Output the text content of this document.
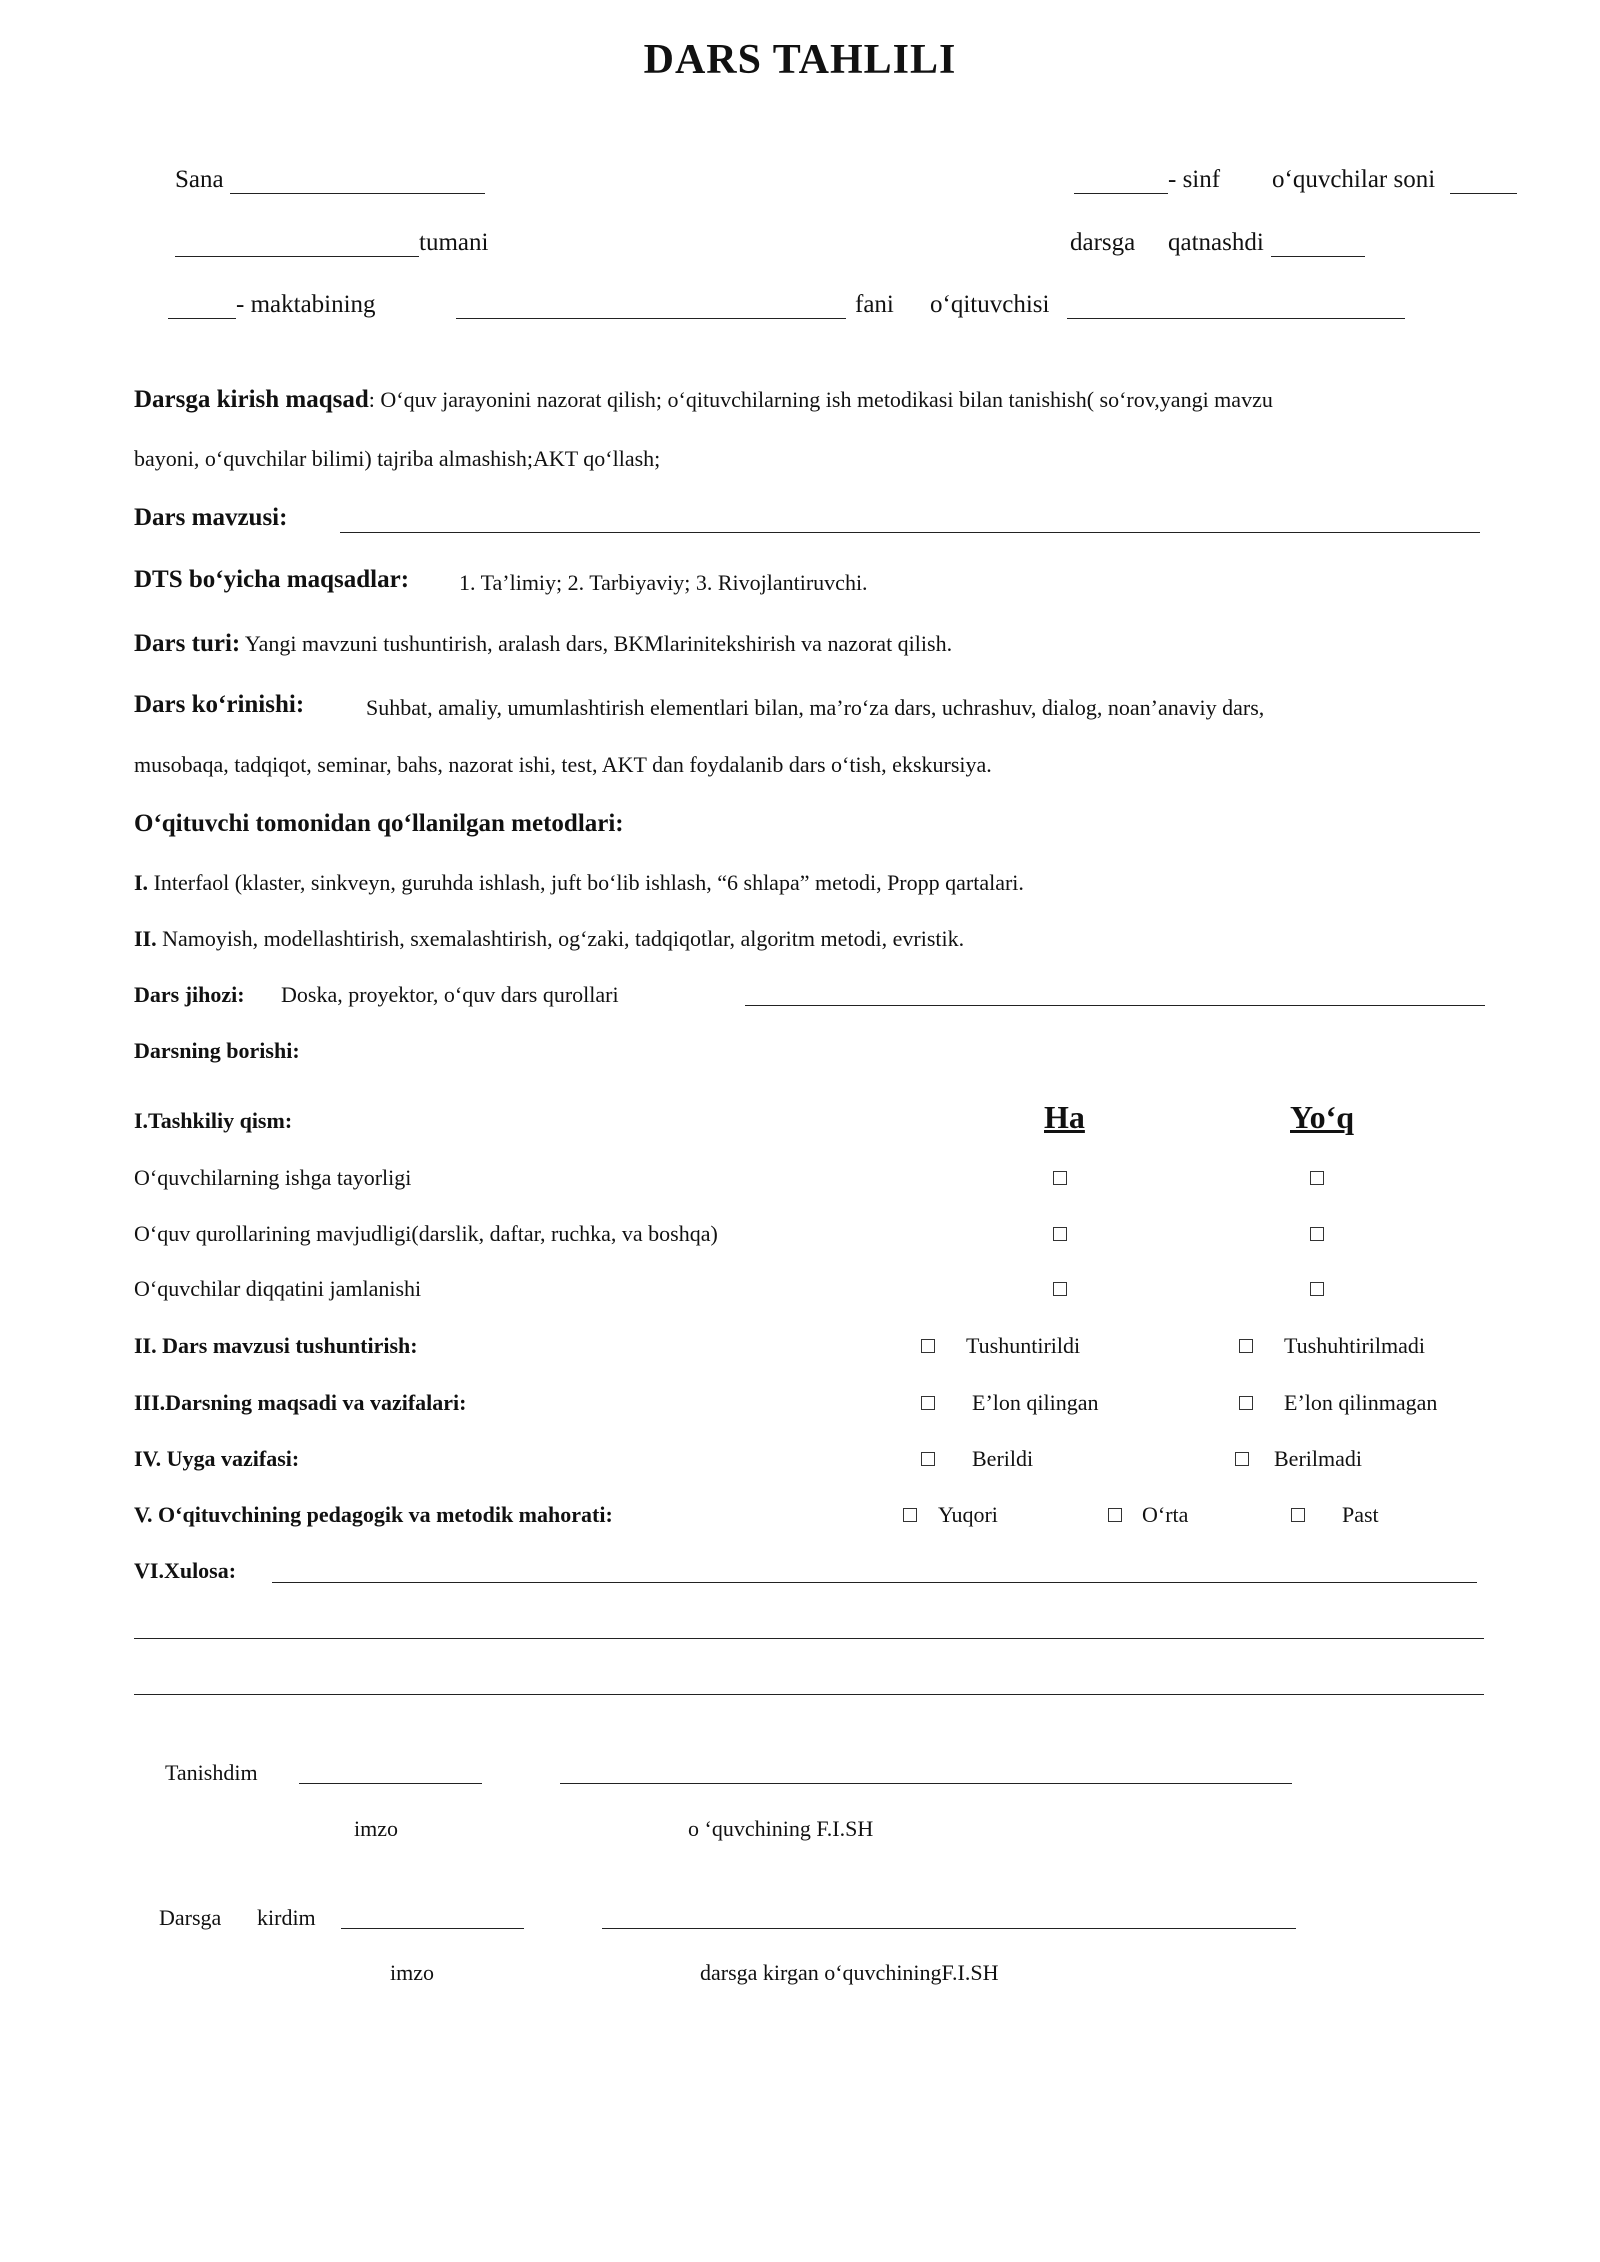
DARS TAHLILI
Sana	- sinf o‘quvchilar soni
tumani	darsga qatnashdi
- maktabining	fani o‘qituvchisi
Darsga kirish maqsad: O‘quv jarayonini nazorat qilish; o‘qituvchilarning ish metodikasi bilan tanishish( so‘rov,yangi mavzu
bayoni, o‘quvchilar bilimi) tajriba almashish;AKT qo‘llash;
Dars mavzusi:
DTS bo‘yicha maqsadlar: 1. Ta’limiy; 2. Tarbiyaviy; 3. Rivojlantiruvchi.
Dars turi: Yangi mavzuni tushuntirish, aralash dars, BKMlarinitekshirish va nazorat qilish.
Dars ko‘rinishi:	Suhbat, amaliy, umumlashtirish elementlari bilan, ma’ro‘za dars, uchrashuv, dialog, noan’anaviy dars,
musobaqa, tadqiqot, seminar, bahs, nazorat ishi, test, AKT dan foydalanib dars o‘tish, ekskursiya.
O‘qituvchi tomonidan qo‘llanilgan metodlari:
I. Interfaol (klaster, sinkveyn, guruhda ishlash, juft bo‘lib ishlash, “6 shlapa” metodi, Propp qartalari.
II. Namoyish, modellashtirish, sxemalashtirish, og‘zaki, tadqiqotlar, algoritm metodi, evristik.
Dars jihozi: Doska, proyektor, o‘quv dars qurollari
Darsning borishi:
I.Tashkiliy qism:	Ha	Yo‘q
O‘quvchilarning ishga tayorligi
O‘quv qurollarining mavjudligi(darslik, daftar, ruchka, va boshqa)
O‘quvchilar diqqatini jamlanishi
II. Dars mavzusi tushuntirish:	Tushuntirildi	Tushuhtirilmadi
III.Darsning maqsadi va vazifalari:	E’lon qilingan	E’lon qilinmagan
IV. Uyga vazifasi:	Berildi	Berilmadi
V. O‘qituvchining pedagogik va metodik mahorati:	Yuqori	O‘rta	Past
VI.Xulosa:
Tanishdim
imzo	o ‘quvchining F.I.SH
Darsga kirdim
imzo	darsga kirgan o‘quvchiningF.I.SH
